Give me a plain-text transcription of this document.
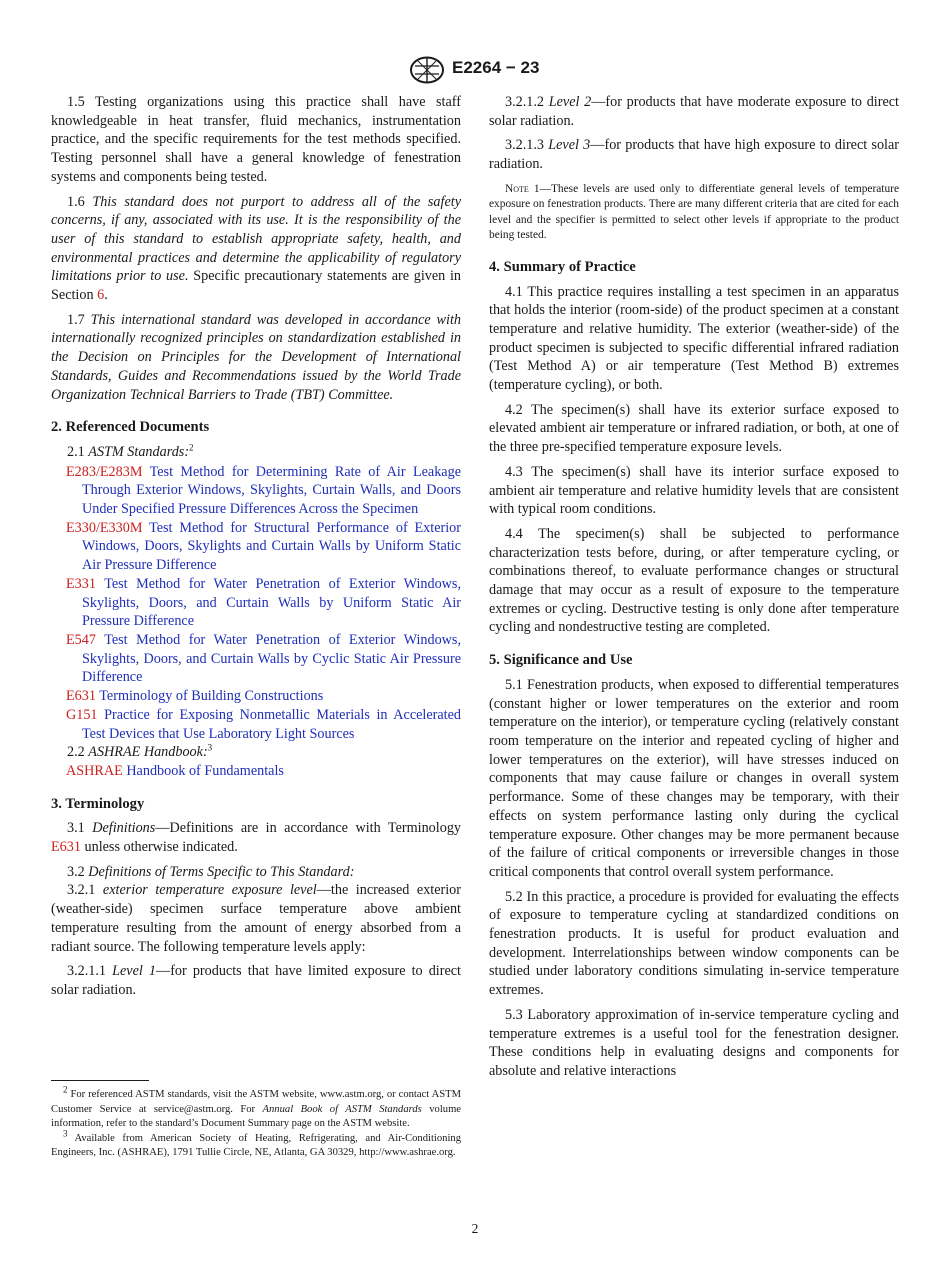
E2264 − 23

1.5 Testing organizations using this practice shall have staff knowledgeable in heat transfer, fluid mechanics, instrumentation practice, and the specific requirements for the test methods specified. Testing personnel shall have a general knowledge of fenestration systems and components being tested.

1.6 This standard does not purport to address all of the safety concerns, if any, associated with its use. It is the responsibility of the user of this standard to establish appropriate safety, health, and environmental practices and determine the applicability of regulatory limitations prior to use. Specific precautionary statements are given in Section 6.

1.7 This international standard was developed in accordance with internationally recognized principles on standardization established in the Decision on Principles for the Development of International Standards, Guides and Recommendations issued by the World Trade Organization Technical Barriers to Trade (TBT) Committee.

2. Referenced Documents

2.1 ASTM Standards:$^2$

E283/E283M Test Method for Determining Rate of Air Leakage Through Exterior Windows, Skylights, Curtain Walls, and Doors Under Specified Pressure Differences Across the Specimen

E330/E330M Test Method for Structural Performance of Exterior Windows, Doors, Skylights and Curtain Walls by Uniform Static Air Pressure Difference

E331 Test Method for Water Penetration of Exterior Windows, Skylights, Doors, and Curtain Walls by Uniform Static Air Pressure Difference

E547 Test Method for Water Penetration of Exterior Windows, Skylights, Doors, and Curtain Walls by Cyclic Static Air Pressure Difference

E631 Terminology of Building Constructions

G151 Practice for Exposing Nonmetallic Materials in Accelerated Test Devices that Use Laboratory Light Sources

2.2 ASHRAE Handbook:$^3$

ASHRAE Handbook of Fundamentals

3. Terminology

3.1 Definitions—Definitions are in accordance with Terminology E631 unless otherwise indicated.

3.2 Definitions of Terms Specific to This Standard:

3.2.1 exterior temperature exposure level—the increased exterior (weather-side) specimen surface temperature above ambient temperature resulting from the amount of energy absorbed from a radiant source. The following temperature levels apply:

3.2.1.1 Level 1—for products that have limited exposure to direct solar radiation.

$^2$ For referenced ASTM standards, visit the ASTM website, www.astm.org, or contact ASTM Customer Service at service@astm.org. For Annual Book of ASTM Standards volume information, refer to the standard’s Document Summary page on the ASTM website.

$^3$ Available from American Society of Heating, Refrigerating, and Air-Conditioning Engineers, Inc. (ASHRAE), 1791 Tullie Circle, NE, Atlanta, GA 30329, http://www.ashrae.org.

3.2.1.2 Level 2—for products that have moderate exposure to direct solar radiation.

3.2.1.3 Level 3—for products that have high exposure to direct solar radiation.

Note 1—These levels are used only to differentiate general levels of temperature exposure on fenestration products. There are many different criteria that are cited for each level and the specifier is permitted to select other levels if appropriate to the product being tested.

4. Summary of Practice

4.1 This practice requires installing a test specimen in an apparatus that holds the interior (room-side) of the product specimen at a constant temperature and relative humidity. The exterior (weather-side) of the product specimen is subjected to specific differential infrared radiation (Test Method A) or air temperature (Test Method B) extremes (temperature cycling), or both.

4.2 The specimen(s) shall have its exterior surface exposed to elevated ambient air temperature or infrared radiation, or both, at one of the three pre-specified temperature exposure levels.

4.3 The specimen(s) shall have its interior surface exposed to ambient air temperature and relative humidity levels that are consistent with typical room conditions.

4.4 The specimen(s) shall be subjected to performance characterization tests before, during, or after temperature cycling, or combinations thereof, to evaluate performance changes or structural damage that may occur as a result of exposure to the temperature extremes or cycling. Destructive testing is only done after temperature cycling and nondestructive testing are completed.

5. Significance and Use

5.1 Fenestration products, when exposed to differential temperatures (constant higher or lower temperatures on the exterior and room temperature on the interior), or temperature cycling (relatively constant room temperature on the interior and repeated cycling of higher and lower temperatures on the exterior), will have stresses induced on components that may cause failure or changes in overall system performance. Some of these changes may be temporary, with their effects on system performance lasting only during the cyclical temperature exposure. Other changes may be more permanent because of the failure of critical components or irreversible changes in those critical components that control overall system performance.

5.2 In this practice, a procedure is provided for evaluating the effects of exposure to temperature cycling at standardized conditions on fenestration products. It is useful for product evaluation and development. Interrelationships between window components can be studied under laboratory conditions simulating in-service temperature extremes.

5.3 Laboratory approximation of in-service temperature cycling and temperature extremes is a useful tool for the fenestration designer. These conditions help in evaluating designs and components for absolute and relative interactions

2
